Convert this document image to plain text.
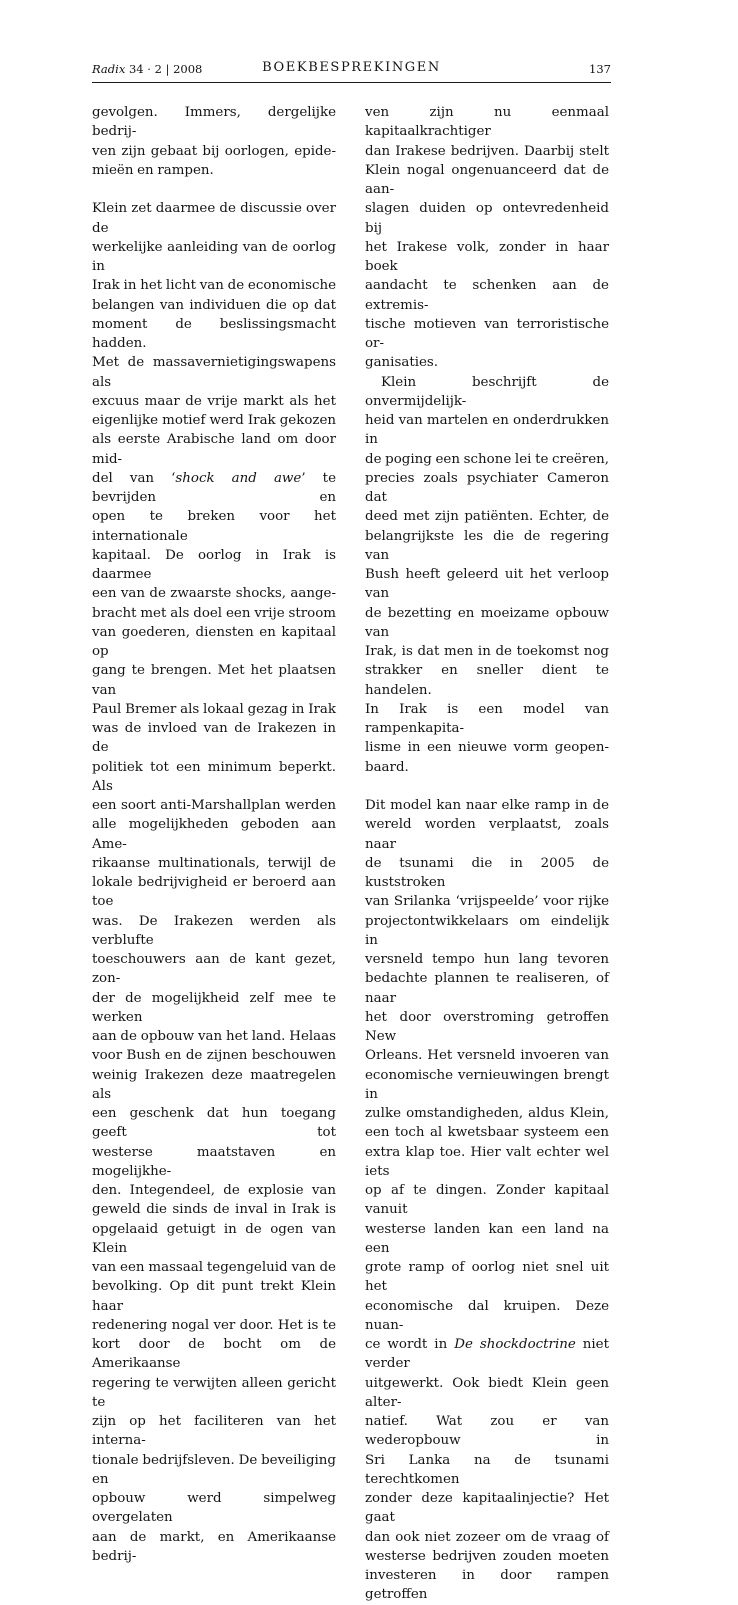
Radix 34 · 2 | 2008	BOEKBESPREKINGEN	137

gevolgen. Immers, dergelijke bedrij-
ven zijn gebaat bij oorlogen, epide-
mieën en rampen.

Klein zet daarmee de discussie over de
werkelijke aanleiding van de oorlog in
Irak in het licht van de economische
belangen van individuen die op dat
moment de beslissingsmacht hadden.
Met de massavernietigingswapens als
excuus maar de vrije markt als het
eigenlijke motief werd Irak gekozen
als eerste Arabische land om door mid-
del van ‘shock and awe’ te bevrijden en
open te breken voor het internationale
kapitaal. De oorlog in Irak is daarmee
een van de zwaarste shocks, aange-
bracht met als doel een vrije stroom
van goederen, diensten en kapitaal op
gang te brengen. Met het plaatsen van
Paul Bremer als lokaal gezag in Irak
was de invloed van de Irakezen in de
politiek tot een minimum beperkt. Als
een soort anti-Marshallplan werden
alle mogelijkheden geboden aan Ame-
rikaanse multinationals, terwijl de
lokale bedrijvigheid er beroerd aan toe
was. De Irakezen werden als verblufte
toeschouwers aan de kant gezet, zon-
der de mogelijkheid zelf mee te werken
aan de opbouw van het land. Helaas
voor Bush en de zijnen beschouwen
weinig Irakezen deze maatregelen als
een geschenk dat hun toegang geeft tot
westerse maatstaven en mogelijkhe-
den. Integendeel, de explosie van
geweld die sinds de inval in Irak is
opgelaaid getuigt in de ogen van Klein
van een massaal tegengeluid van de
bevolking. Op dit punt trekt Klein haar
redenering nogal ver door. Het is te
kort door de bocht om de Amerikaanse
regering te verwijten alleen gericht te
zijn op het faciliteren van het interna-
tionale bedrijfsleven. De beveiliging en
opbouw werd simpelweg overgelaten
aan de markt, en Amerikaanse bedrij-

ven zijn nu eenmaal kapitaalkrachtiger
dan Irakese bedrijven. Daarbij stelt
Klein nogal ongenuanceerd dat de aan-
slagen duiden op ontevredenheid bij
het Irakese volk, zonder in haar boek
aandacht te schenken aan de extremis-
tische motieven van terroristische or-
ganisaties.

Klein beschrijft de onvermijdelijk-
heid van martelen en onderdrukken in
de poging een schone lei te creëren,
precies zoals psychiater Cameron dat
deed met zijn patiënten. Echter, de
belangrijkste les die de regering van
Bush heeft geleerd uit het verloop van
de bezetting en moeizame opbouw van
Irak, is dat men in de toekomst nog
strakker en sneller dient te handelen.
In Irak is een model van rampenkapita-
lisme in een nieuwe vorm geopen-
baard.

Dit model kan naar elke ramp in de
wereld worden verplaatst, zoals naar
de tsunami die in 2005 de kuststroken
van Srilanka ‘vrijspeelde’ voor rijke
projectontwikkelaars om eindelijk in
versneld tempo hun lang tevoren
bedachte plannen te realiseren, of naar
het door overstroming getroffen New
Orleans. Het versneld invoeren van
economische vernieuwingen brengt in
zulke omstandigheden, aldus Klein,
een toch al kwetsbaar systeem een
extra klap toe. Hier valt echter wel iets
op af te dingen. Zonder kapitaal vanuit
westerse landen kan een land na een
grote ramp of oorlog niet snel uit het
economische dal kruipen. Deze nuan-
ce wordt in De shockdoctrine niet verder
uitgewerkt. Ook biedt Klein geen alter-
natief. Wat zou er van wederopbouw in
Sri Lanka na de tsunami terechtkomen
zonder deze kapitaalinjectie? Het gaat
dan ook niet zozeer om de vraag of
westerse bedrijven zouden moeten
investeren in door rampen getroffen
